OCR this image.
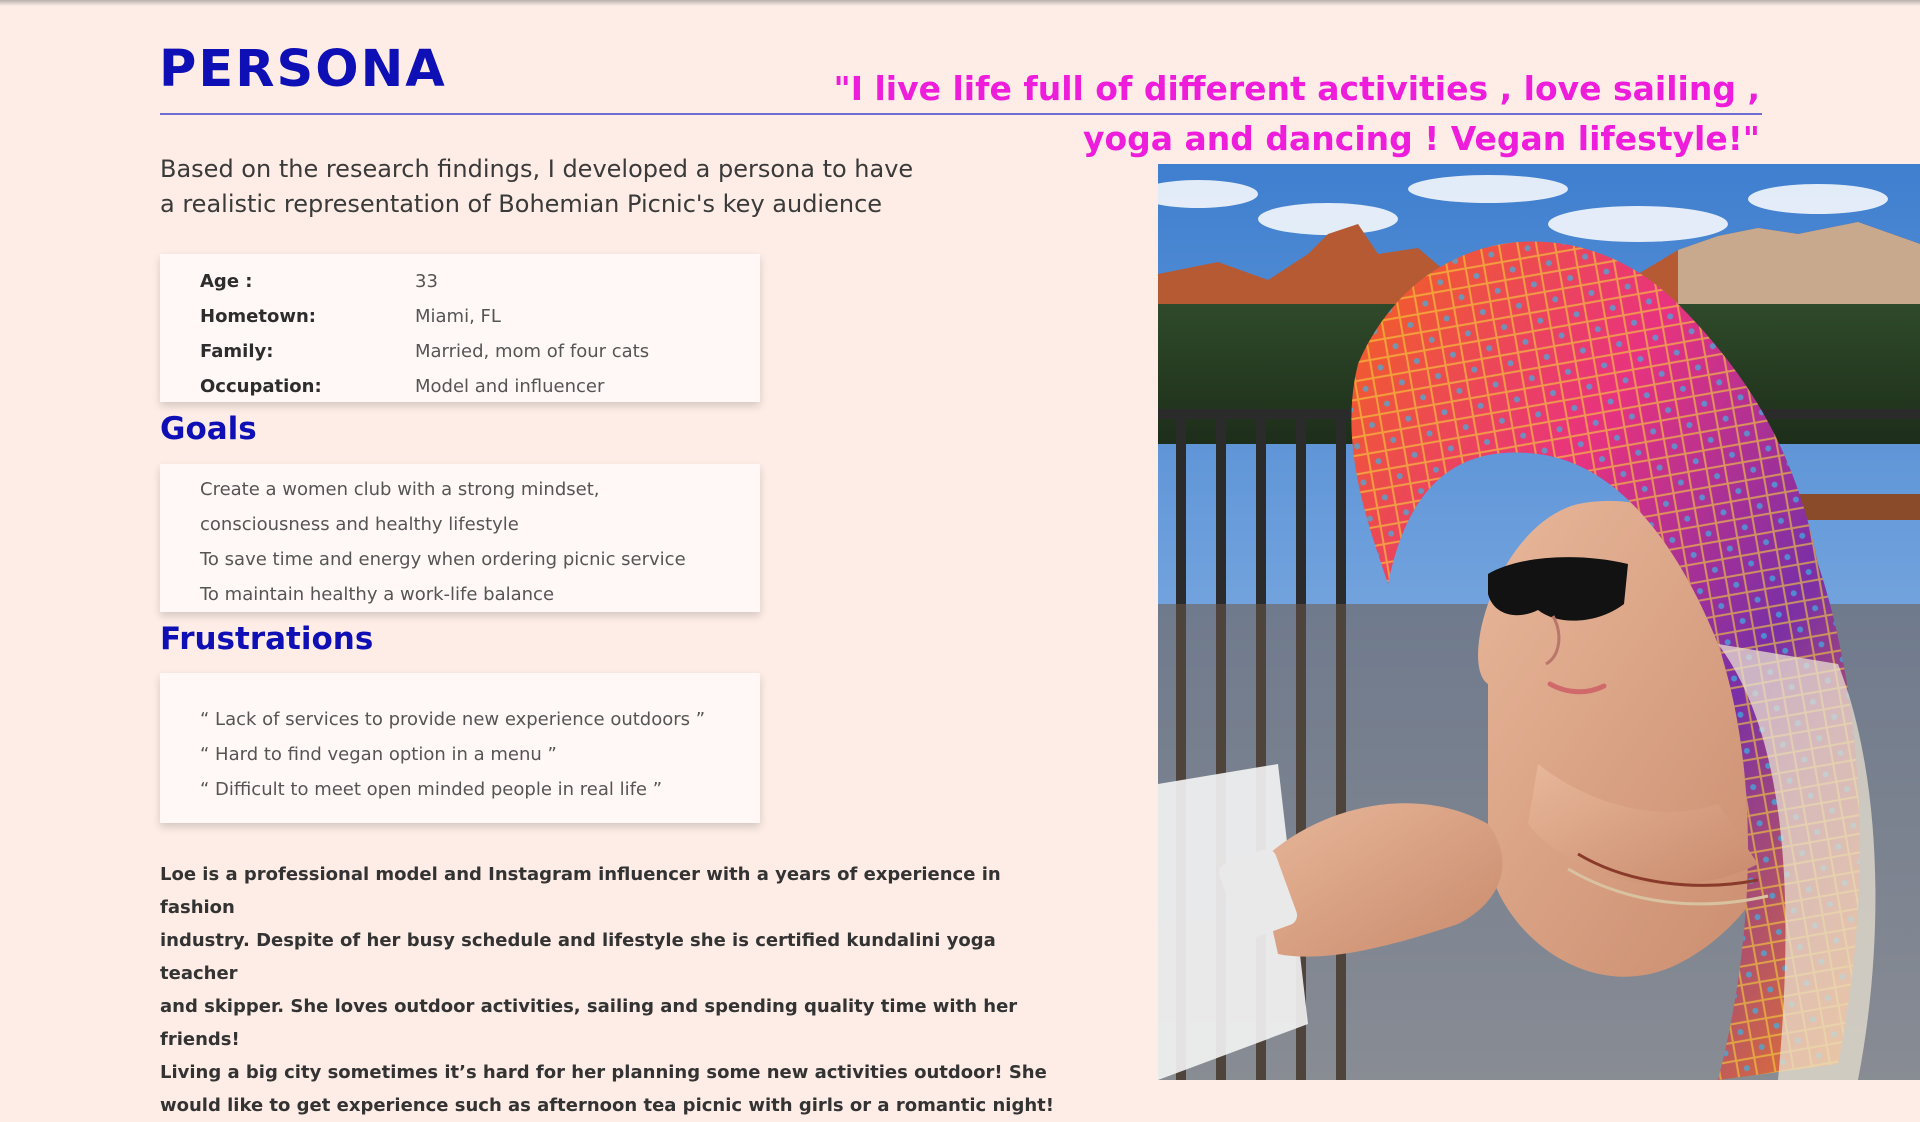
PERSONA	"I live life full of different activities , love sailing ,
yoga and dancing ! Vegan lifestyle!"
Based on the research findings, I developed a persona to have
a realistic representation of Bohemian Picnic's key audience
Age :	33
Hometown:	Miami, FL
Family:	Married, mom of four cats
Occupation:	Model and influencer
Goals
Create a women club with a strong mindset,
consciousness and healthy lifestyle
To save time and energy when ordering picnic service
To maintain healthy a work-life balance
Frustrations
“ Lack of services to provide new experience outdoors ”
“ Hard to find vegan option in a menu ”
“ Difficult to meet open minded people in real life ”
Loe is a professional model and Instagram influencer with a years of experience in fashion
industry. Despite of her busy schedule and lifestyle she is certified kundalini yoga teacher
and skipper. She loves outdoor activities, sailing and spending quality time with her friends!
Living a big city sometimes it’s hard for her planning some new activities outdoor! She
would like to get experience such as afternoon tea picnic with girls or a romantic night!
